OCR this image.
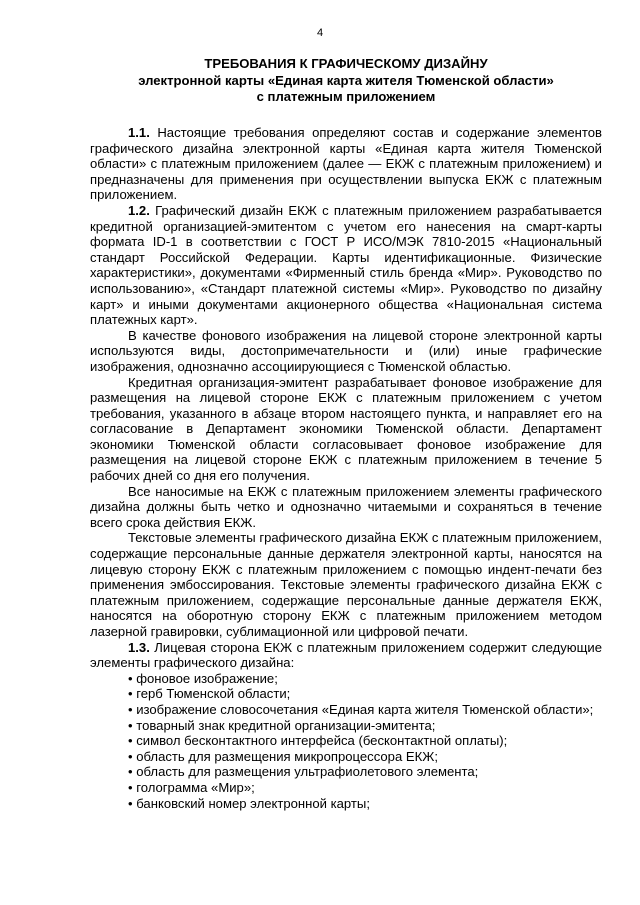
4
ТРЕБОВАНИЯ К ГРАФИЧЕСКОМУ ДИЗАЙНУ
электронной карты «Единая карта жителя Тюменской области»
с платежным приложением

1.1. Настоящие требования определяют состав и содержание элементов графического дизайна электронной карты «Единая карта жителя Тюменской области» с платежным приложением (далее — ЕКЖ с платежным приложением) и предназначены для применения при осуществлении выпуска ЕКЖ с платежным приложением.

1.2. Графический дизайн ЕКЖ с платежным приложением разрабатывается кредитной организацией-эмитентом с учетом его нанесения на смарт-карты формата ID-1 в соответствии с ГОСТ Р ИСО/МЭК 7810-2015 «Национальный стандарт Российской Федерации. Карты идентификационные. Физические характеристики», документами «Фирменный стиль бренда «Мир». Руководство по использованию», «Стандарт платежной системы «Мир». Руководство по дизайну карт» и иными документами акционерного общества «Национальная система платежных карт».

В качестве фонового изображения на лицевой стороне электронной карты используются виды, достопримечательности и (или) иные графические изображения, однозначно ассоциирующиеся с Тюменской областью.

Кредитная организация-эмитент разрабатывает фоновое изображение для размещения на лицевой стороне ЕКЖ с платежным приложением с учетом требования, указанного в абзаце втором настоящего пункта, и направляет его на согласование в Департамент экономики Тюменской области. Департамент экономики Тюменской области согласовывает фоновое изображение для размещения на лицевой стороне ЕКЖ с платежным приложением в течение 5 рабочих дней со дня его получения.

Все наносимые на ЕКЖ с платежным приложением элементы графического дизайна должны быть четко и однозначно читаемыми и сохраняться в течение всего срока действия ЕКЖ.

Текстовые элементы графического дизайна ЕКЖ с платежным приложением, содержащие персональные данные держателя электронной карты, наносятся на лицевую сторону ЕКЖ с платежным приложением с помощью индент-печати без применения эмбоссирования. Текстовые элементы графического дизайна ЕКЖ с платежным приложением, содержащие персональные данные держателя ЕКЖ, наносятся на оборотную сторону ЕКЖ с платежным приложением методом лазерной гравировки, сублимационной или цифровой печати.

1.3. Лицевая сторона ЕКЖ с платежным приложением содержит следующие элементы графического дизайна:

• фоновое изображение;
• герб Тюменской области;
• изображение словосочетания «Единая карта жителя Тюменской области»;
• товарный знак кредитной организации-эмитента;
• символ бесконтактного интерфейса (бесконтактной оплаты);
• область для размещения микропроцессора ЕКЖ;
• область для размещения ультрафиолетового элемента;
• голограмма «Мир»;
• банковский номер электронной карты;
